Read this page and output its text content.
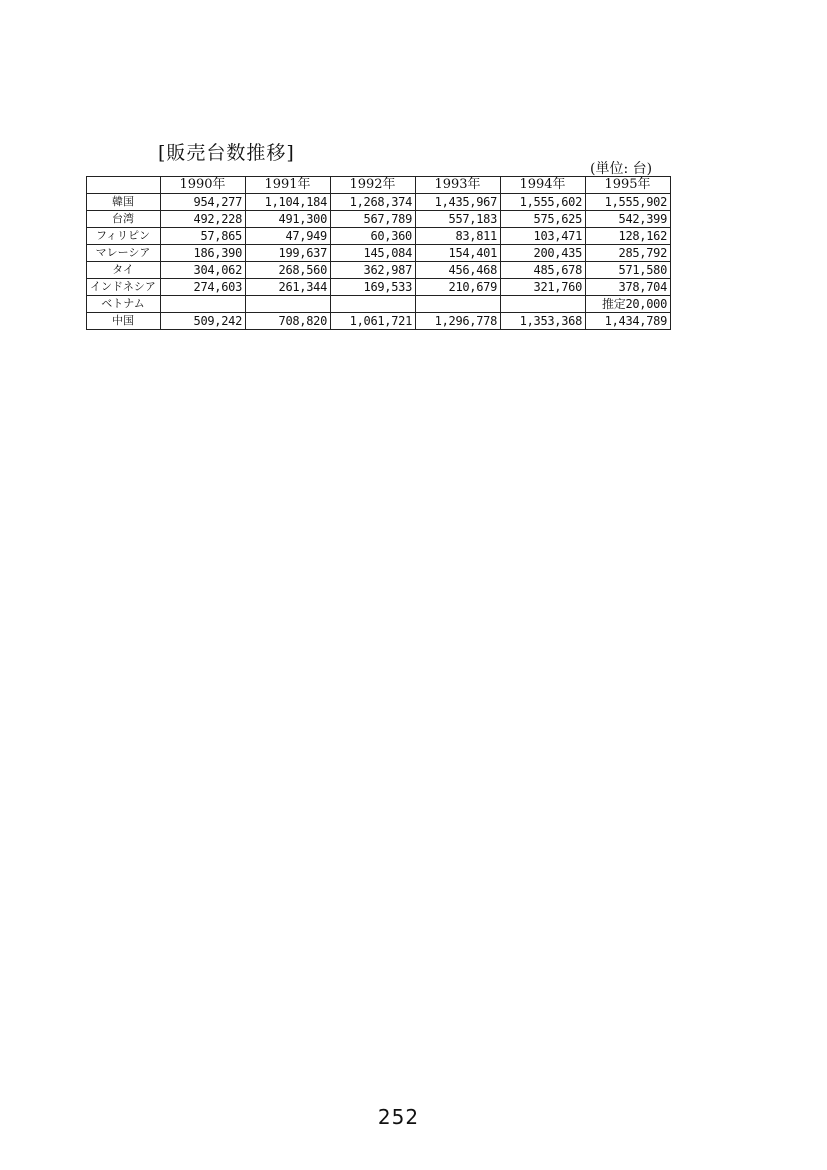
[販売台数推移]
(単位: 台)
	1990年	1991年	1992年	1993年	1994年	1995年
韓国	954,277	1,104,184	1,268,374	1,435,967	1,555,602	1,555,902
台湾	492,228	491,300	567,789	557,183	575,625	542,399
フィリピン	57,865	47,949	60,360	83,811	103,471	128,162
マレーシア	186,390	199,637	145,084	154,401	200,435	285,792
タイ	304,062	268,560	362,987	456,468	485,678	571,580
インドネシア	274,603	261,344	169,533	210,679	321,760	378,704
ベトナム						推定20,000
中国	509,242	708,820	1,061,721	1,296,778	1,353,368	1,434,789
252
